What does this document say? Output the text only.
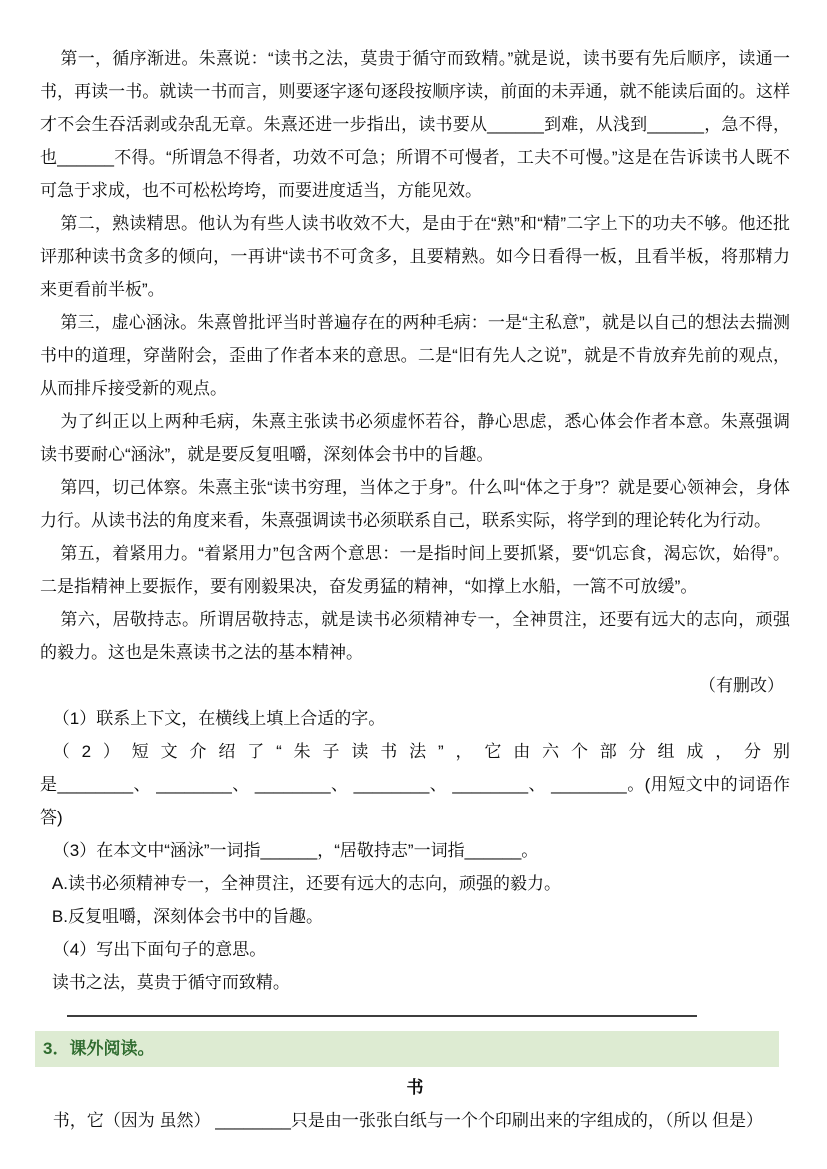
第一，循序渐进。朱熹说：“读书之法，莫贵于循守而致精。”就是说，读书要有先后顺序，读通一书，再读一书。就读一书而言，则要逐字逐句逐段按顺序读，前面的未弄通，就不能读后面的。这样才不会生吞活剥或杂乱无章。朱熹还进一步指出，读书要从______到难，从浅到______，急不得，也______不得。“所谓急不得者，功效不可急；所谓不可慢者，工夫不可慢。”这是在告诉读书人既不可急于求成，也不可松松垮垮，而要进度适当，方能见效。

第二，熟读精思。他认为有些人读书收效不大，是由于在“熟”和“精”二字上下的功夫不够。他还批评那种读书贪多的倾向，一再讲“读书不可贪多，且要精熟。如今日看得一板，且看半板，将那精力来更看前半板”。

第三，虚心涵泳。朱熹曾批评当时普遍存在的两种毛病：一是“主私意”，就是以自己的想法去揣测书中的道理，穿凿附会，歪曲了作者本来的意思。二是“旧有先人之说”，就是不肯放弃先前的观点，从而排斥接受新的观点。

为了纠正以上两种毛病，朱熹主张读书必须虚怀若谷，静心思虑，悉心体会作者本意。朱熹强调读书要耐心“涵泳”，就是要反复咀嚼，深刻体会书中的旨趣。

第四，切己体察。朱熹主张“读书穷理，当体之于身”。什么叫“体之于身”？就是要心领神会，身体力行。从读书法的角度来看，朱熹强调读书必须联系自己，联系实际，将学到的理论转化为行动。

第五，着紧用力。“着紧用力”包含两个意思：一是指时间上要抓紧，要“饥忘食，渴忘饮，始得”。二是指精神上要振作，要有刚毅果决，奋发勇猛的精神，“如撑上水船，一篙不可放缓”。

第六，居敬持志。所谓居敬持志，就是读书必须精神专一，全神贯注，还要有远大的志向，顽强的毅力。这也是朱熹读书之法的基本精神。

（有删改）

（1）联系上下文，在横线上填上合适的字。

（2）短文介绍了“朱子读书法”，它由六个部分组成，分别
是________、 ________、 ________、 ________、 ________、 ________。(用短文中的词语作答)

（3）在本文中“涵泳”一词指______，“居敬持志”一词指______。

A.读书必须精神专一，全神贯注，还要有远大的志向，顽强的毅力。

B.反复咀嚼，深刻体会书中的旨趣。

（4）写出下面句子的意思。

读书之法，莫贵于循守而致精。

3．课外阅读。

书

书，它（因为 虽然） ________只是由一张张白纸与一个个印刷出来的字组成的，（所以 但是）
